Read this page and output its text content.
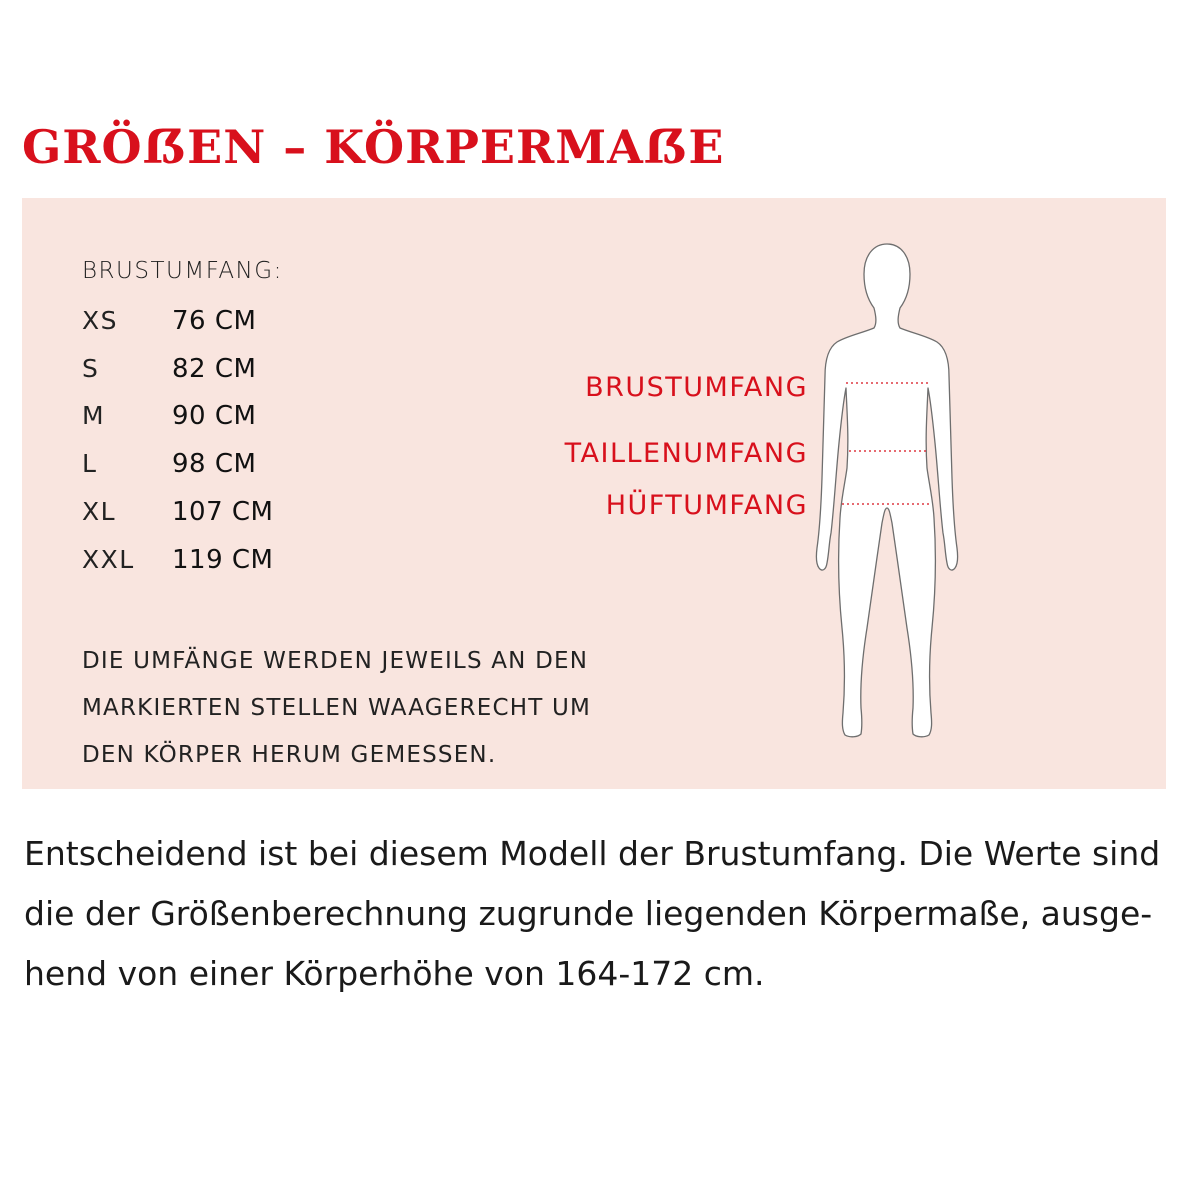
GRÖẞEN – KÖRPERMAẞE
BRUSTUMFANG:
XS 76 CM
S	82 CM
M	90 CM
L	98 CM
XL 107 CM
XXL 119 CM
DIE UMFÄNGE WERDEN JEWEILS AN DEN
MARKIERTEN STELLEN WAAGERECHT UM
DEN KÖRPER HERUM GEMESSEN.
BRUSTUMFANG
TAILLENUMFANG
HÜFTUMFANG
Entscheidend ist bei diesem Modell der Brustumfang. Die Werte sind
die der Größenberechnung zugrunde liegenden Körpermaße, ausge-
hend von einer Körperhöhe von 164-172 cm.
